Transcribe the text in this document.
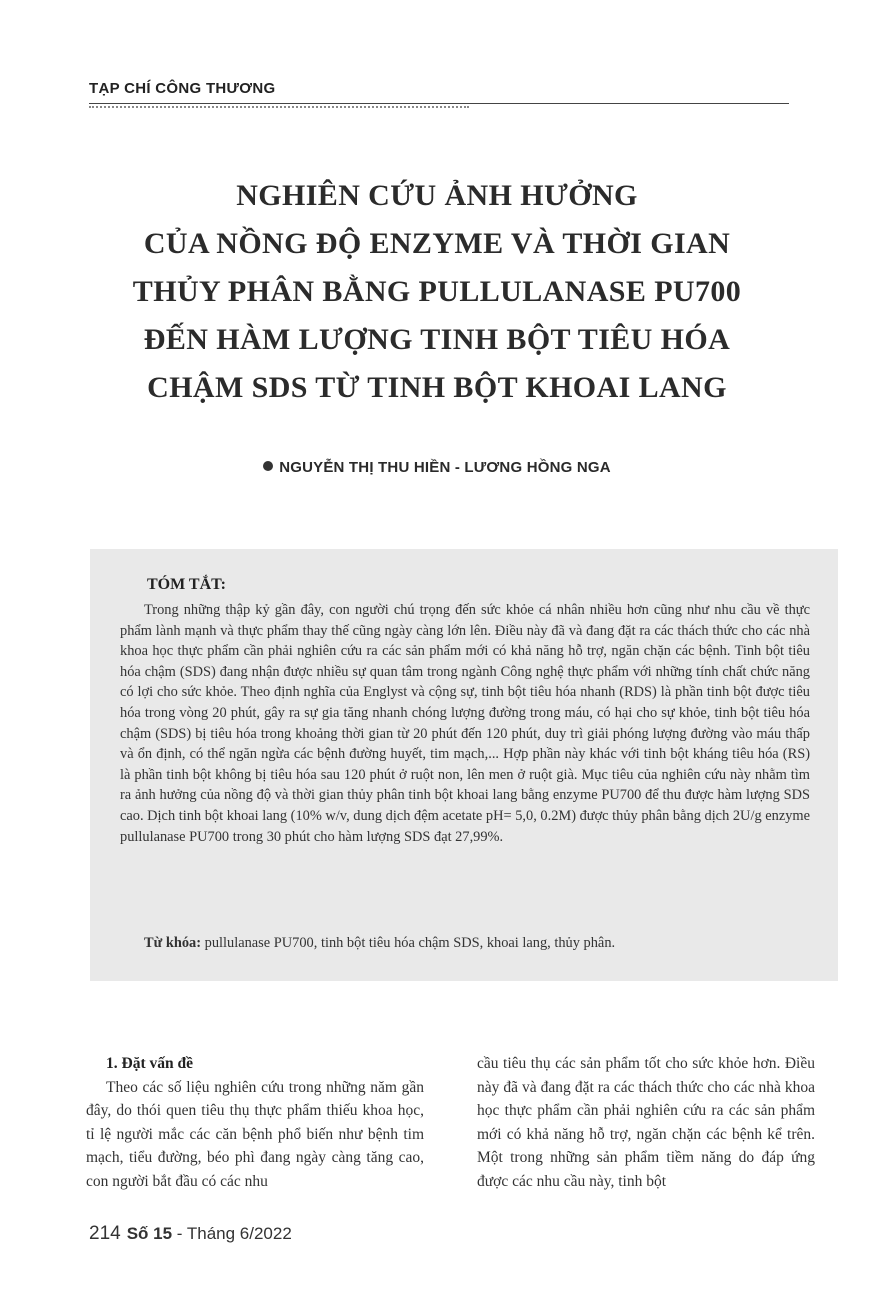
TẠP CHÍ CÔNG THƯƠNG
NGHIÊN CỨU ẢNH HƯỞNG
CỦA NỒNG ĐỘ ENZYME VÀ THỜI GIAN
THỦY PHÂN BẰNG PULLULANASE PU700
ĐẾN HÀM LƯỢNG TINH BỘT TIÊU HÓA
CHẬM SDS TỪ TINH BỘT KHOAI LANG
NGUYỄN THỊ THU HIỀN - LƯƠNG HỒNG NGA
TÓM TẮT:

Trong những thập kỷ gần đây, con người chú trọng đến sức khỏe cá nhân nhiều hơn cũng như nhu cầu về thực phẩm lành mạnh và thực phẩm thay thế cũng ngày càng lớn lên. Điều này đã và đang đặt ra các thách thức cho các nhà khoa học thực phẩm cần phải nghiên cứu ra các sản phẩm mới có khả năng hỗ trợ, ngăn chặn các bệnh. Tinh bột tiêu hóa chậm (SDS) đang nhận được nhiều sự quan tâm trong ngành Công nghệ thực phẩm với những tính chất chức năng có lợi cho sức khỏe. Theo định nghĩa của Englyst và cộng sự, tinh bột tiêu hóa nhanh (RDS) là phần tinh bột được tiêu hóa trong vòng 20 phút, gây ra sự gia tăng nhanh chóng lượng đường trong máu, có hại cho sự khỏe, tinh bột tiêu hóa chậm (SDS) bị tiêu hóa trong khoảng thời gian từ 20 phút đến 120 phút, duy trì giải phóng lượng đường vào máu thấp và ổn định, có thể ngăn ngừa các bệnh đường huyết, tim mạch,... Hợp phần này khác với tinh bột kháng tiêu hóa (RS) là phần tinh bột không bị tiêu hóa sau 120 phút ở ruột non, lên men ở ruột già. Mục tiêu của nghiên cứu này nhằm tìm ra ảnh hưởng của nồng độ và thời gian thủy phân tinh bột khoai lang bằng enzyme PU700 để thu được hàm lượng SDS cao. Dịch tinh bột khoai lang (10% w/v, dung dịch đệm acetate pH= 5,0, 0.2M) được thủy phân bằng dịch 2U/g enzyme pullulanase PU700 trong 30 phút cho hàm lượng SDS đạt 27,99%.

Từ khóa: pullulanase PU700, tinh bột tiêu hóa chậm SDS, khoai lang, thủy phân.

1. Đặt vấn đề

Theo các số liệu nghiên cứu trong những năm gần đây, do thói quen tiêu thụ thực phẩm thiếu khoa học, tỉ lệ người mắc các căn bệnh phổ biến như bệnh tim mạch, tiểu đường, béo phì đang ngày càng tăng cao, con người bắt đầu có các nhu

cầu tiêu thụ các sản phẩm tốt cho sức khỏe hơn. Điều này đã và đang đặt ra các thách thức cho các nhà khoa học thực phẩm cần phải nghiên cứu ra các sản phẩm mới có khả năng hỗ trợ, ngăn chặn các bệnh kể trên. Một trong những sản phẩm tiềm năng do đáp ứng được các nhu cầu này, tinh bột

214 Số 15 - Tháng 6/2022
